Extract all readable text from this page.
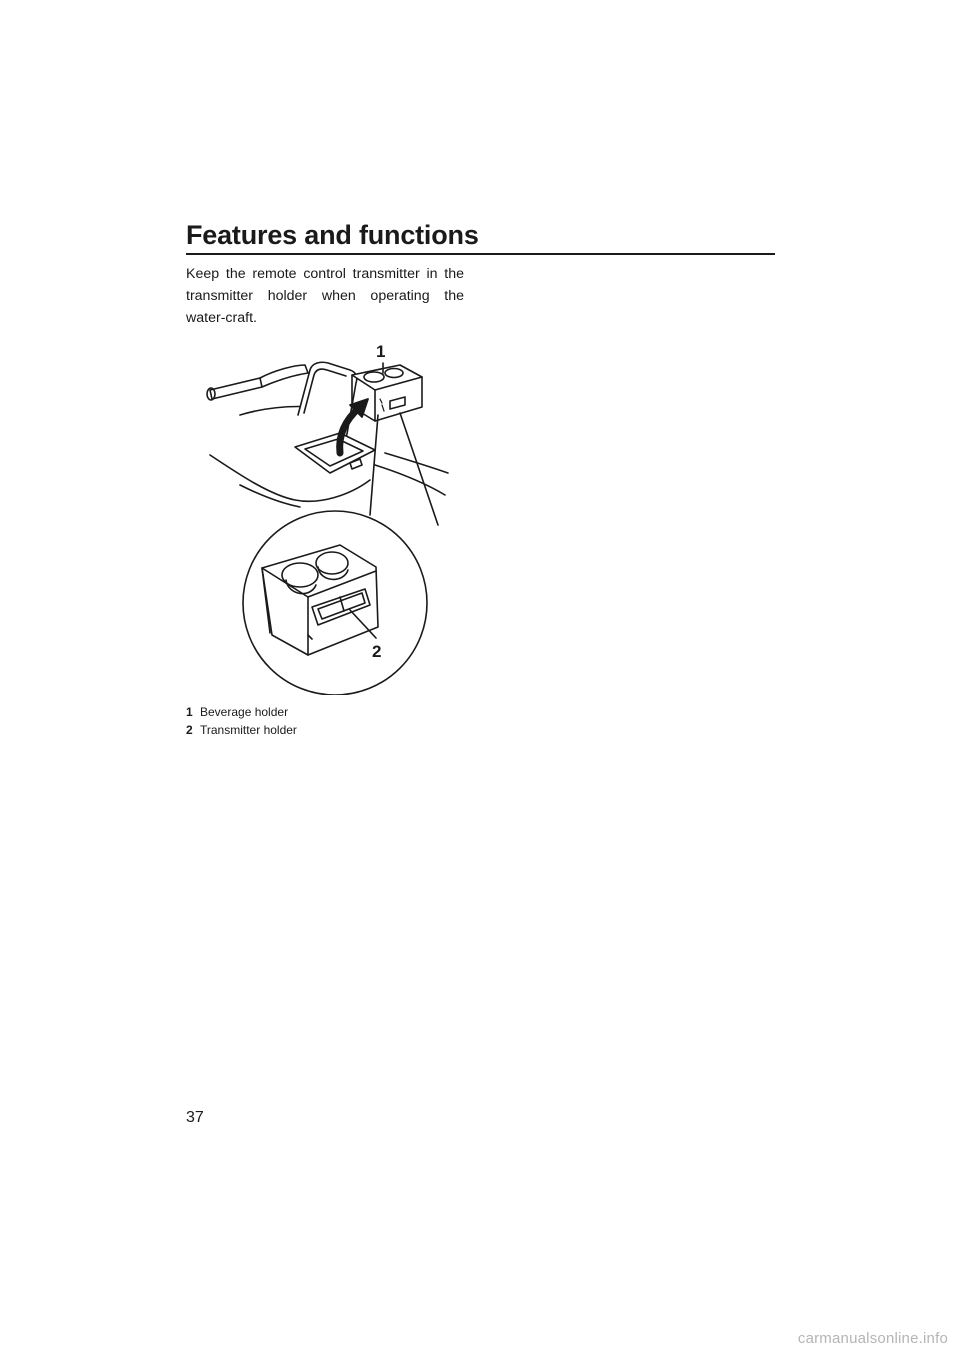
Features and functions

Keep the remote control transmitter in the transmitter holder when operating the water-craft.

1
2
1 Beverage holder
2 Transmitter holder
37
carmanualsonline.info
